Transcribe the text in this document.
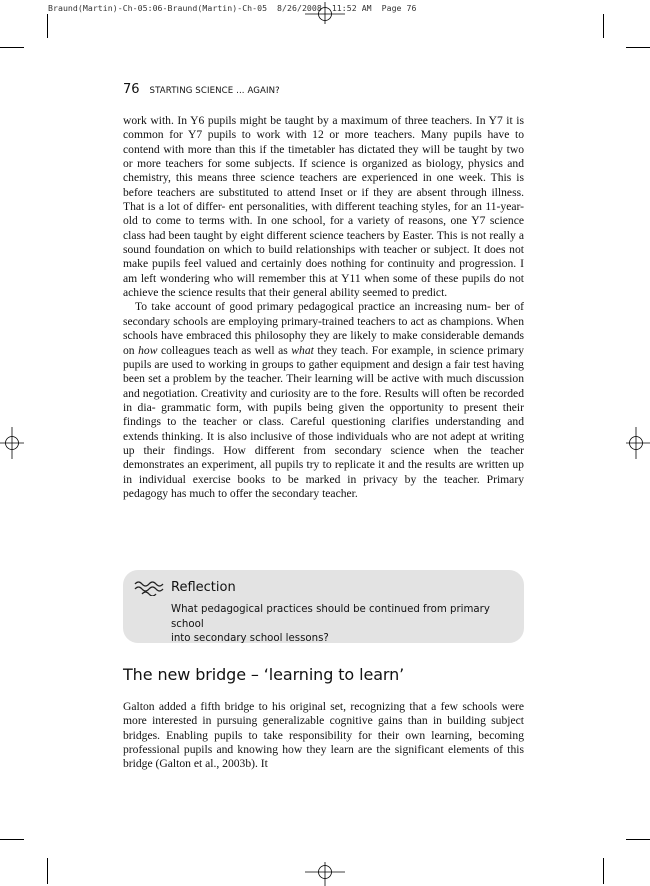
Braund(Martin)-Ch-05:06-Braund(Martin)-Ch-05  8/26/2008  11:52 AM  Page 76
76 STARTING SCIENCE ... AGAIN?

work with. In Y6 pupils might be taught by a maximum of three teachers. In Y7 it is common for Y7 pupils to work with 12 or more teachers. Many pupils have to contend with more than this if the timetabler has dictated they will be taught by two or more teachers for some subjects. If science is organized as biology, physics and chemistry, this means three science teachers are experienced in one week. This is before teachers are substituted to attend Inset or if they are absent through illness. That is a lot of differ- ent personalities, with different teaching styles, for an 11-year-old to come to terms with. In one school, for a variety of reasons, one Y7 science class had been taught by eight different science teachers by Easter. This is not really a sound foundation on which to build relationships with teacher or subject. It does not make pupils feel valued and certainly does nothing for continuity and progression. I am left wondering who will remember this at Y11 when some of these pupils do not achieve the science results that their general ability seemed to predict.

To take account of good primary pedagogical practice an increasing num- ber of secondary schools are employing primary-trained teachers to act as champions. When schools have embraced this philosophy they are likely to make considerable demands on how colleagues teach as well as what they teach. For example, in science primary pupils are used to working in groups to gather equipment and design a fair test having been set a problem by the teacher. Their learning will be active with much discussion and negotiation. Creativity and curiosity are to the fore. Results will often be recorded in dia- grammatic form, with pupils being given the opportunity to present their findings to the teacher or class. Careful questioning clarifies understanding and extends thinking. It is also inclusive of those individuals who are not adept at writing up their findings. How different from secondary science when the teacher demonstrates an experiment, all pupils try to replicate it and the results are written up in individual exercise books to be marked in privacy by the teacher. Primary pedagogy has much to offer the secondary teacher.

Reflection
What pedagogical practices should be continued from primary school
into secondary school lessons?
The new bridge – ‘learning to learn’

Galton added a fifth bridge to his original set, recognizing that a few schools were more interested in pursuing generalizable cognitive gains than in building subject bridges. Enabling pupils to take responsibility for their own learning, becoming professional pupils and knowing how they learn are the significant elements of this bridge (Galton et al., 2003b). It
